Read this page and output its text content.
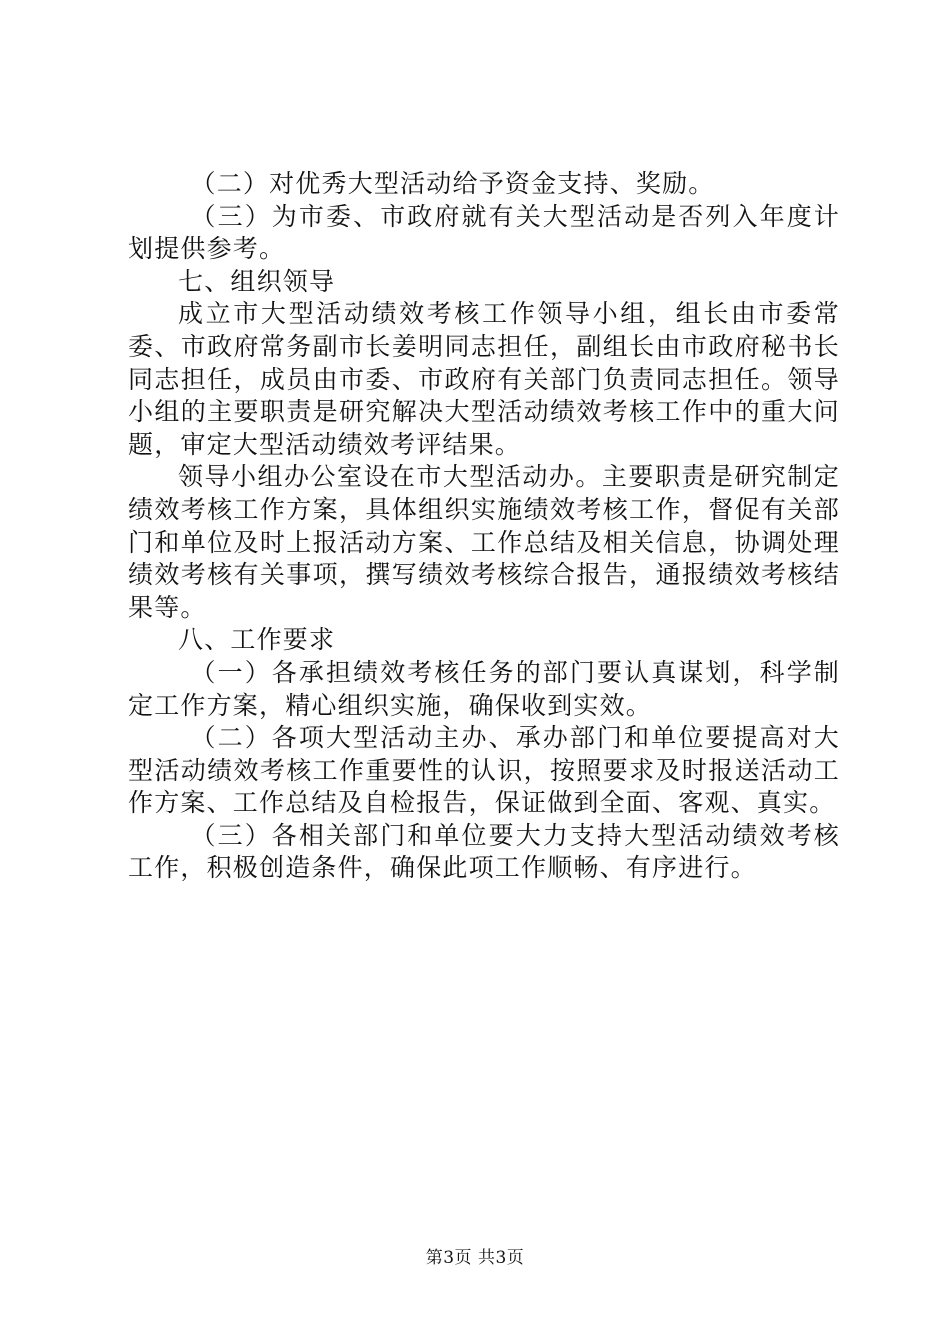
（二）对优秀大型活动给予资金支持、奖励。

（三）为市委、市政府就有关大型活动是否列入年度计划提供参考。

七、组织领导

成立市大型活动绩效考核工作领导小组，组长由市委常委、市政府常务副市长姜明同志担任，副组长由市政府秘书长同志担任，成员由市委、市政府有关部门负责同志担任。领导小组的主要职责是研究解决大型活动绩效考核工作中的重大问题，审定大型活动绩效考评结果。

领导小组办公室设在市大型活动办。主要职责是研究制定绩效考核工作方案，具体组织实施绩效考核工作，督促有关部门和单位及时上报活动方案、工作总结及相关信息，协调处理绩效考核有关事项，撰写绩效考核综合报告，通报绩效考核结果等。

八、工作要求

（一）各承担绩效考核任务的部门要认真谋划，科学制定工作方案，精心组织实施，确保收到实效。

（二）各项大型活动主办、承办部门和单位要提高对大型活动绩效考核工作重要性的认识，按照要求及时报送活动工作方案、工作总结及自检报告，保证做到全面、客观、真实。

（三）各相关部门和单位要大力支持大型活动绩效考核工作，积极创造条件，确保此项工作顺畅、有序进行。

第3页 共3页
